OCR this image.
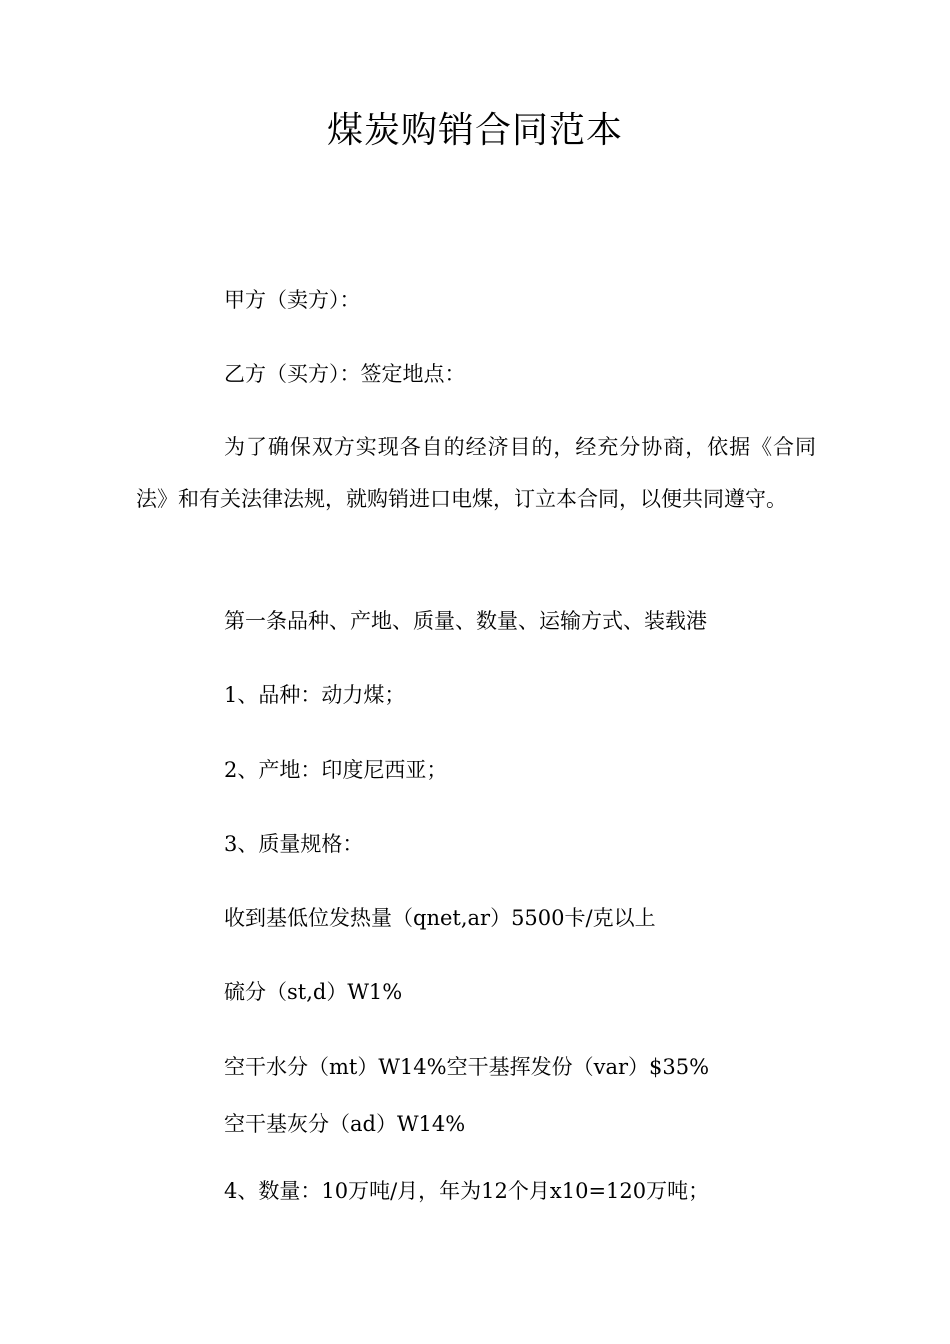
煤炭购销合同范本
甲方（卖方）：
乙方（买方）：签定地点：
为了确保双方实现各自的经济目的，经充分协商，依据《合同法》和有关法律法规，就购销进口电煤，订立本合同，以便共同遵守。
第一条品种、产地、质量、数量、运输方式、装载港
1、品种：动力煤；
2、产地：印度尼西亚；
3、质量规格：
收到基低位发热量（qnet,ar）5500卡/克以上
硫分（st,d）W1%
空干水分（mt）W14%空干基挥发份（var）$35%
空干基灰分（ad）W14%
4、数量：10万吨/月，年为12个月x10=120万吨；
